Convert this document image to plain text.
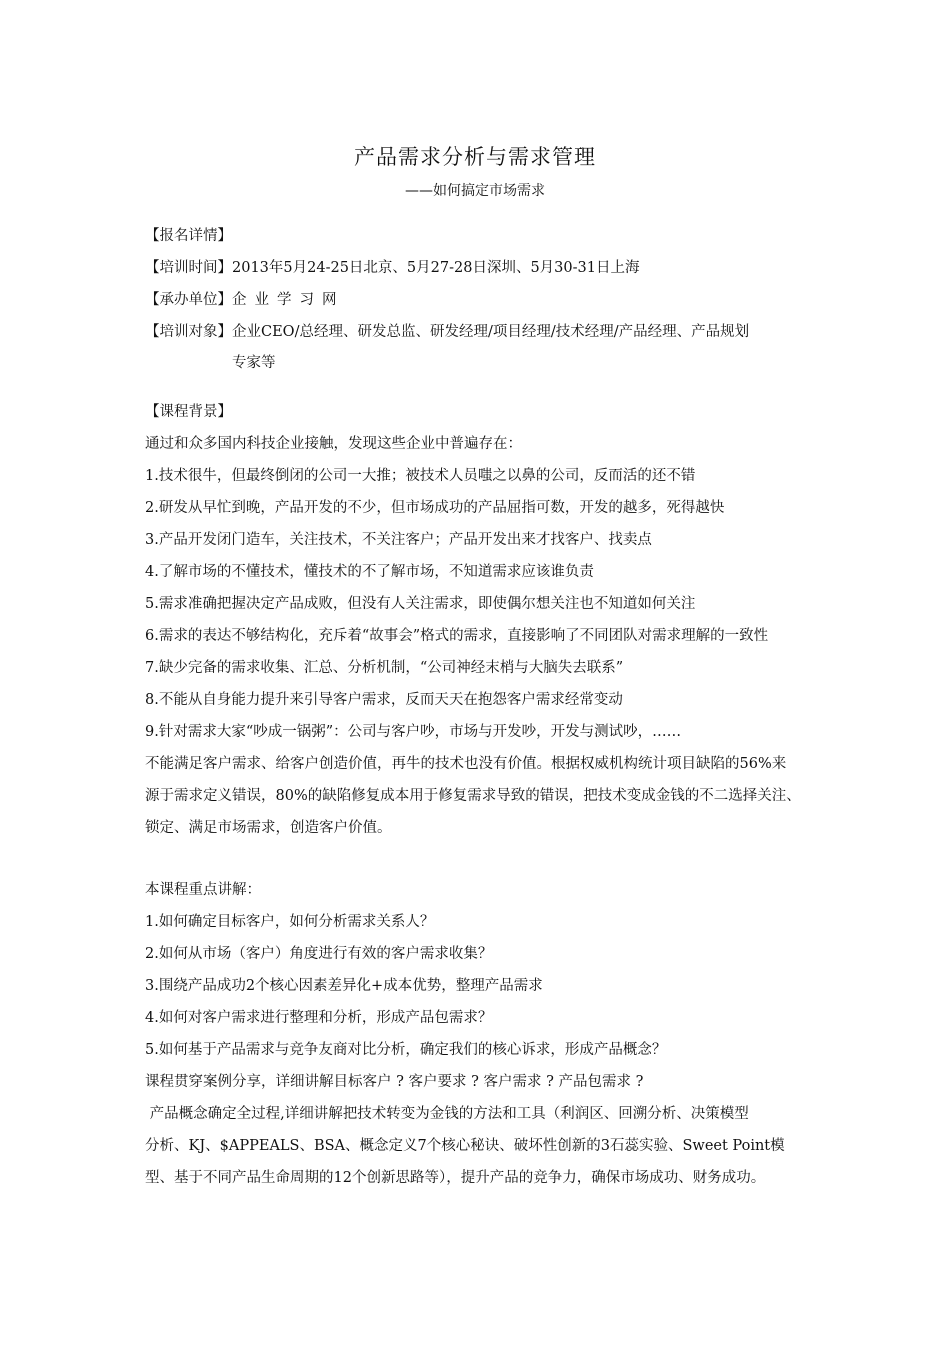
产品需求分析与需求管理
——如何搞定市场需求
【报名详情】
【培训时间】2013年5月24-25日北京、5月27-28日深圳、5月30-31日上海
【承办单位】企业学习网
【培训对象】企业CEO/总经理、研发总监、研发经理/项目经理/技术经理/产品经理、产品规划
专家等
【课程背景】
通过和众多国内科技企业接触，发现这些企业中普遍存在：
1.技术很牛，但最终倒闭的公司一大推；被技术人员嗤之以鼻的公司，反而活的还不错
2.研发从早忙到晚，产品开发的不少，但市场成功的产品屈指可数，开发的越多，死得越快
3.产品开发闭门造车，关注技术，不关注客户；产品开发出来才找客户、找卖点
4.了解市场的不懂技术，懂技术的不了解市场，不知道需求应该谁负责
5.需求准确把握决定产品成败，但没有人关注需求，即使偶尔想关注也不知道如何关注
6.需求的表达不够结构化，充斥着“故事会”格式的需求，直接影响了不同团队对需求理解的一致性
7.缺少完备的需求收集、汇总、分析机制，“公司神经末梢与大脑失去联系”
8.不能从自身能力提升来引导客户需求，反而天天在抱怨客户需求经常变动
9.针对需求大家“吵成一锅粥”：公司与客户吵，市场与开发吵，开发与测试吵，……
不能满足客户需求、给客户创造价值，再牛的技术也没有价值。根据权威机构统计项目缺陷的56%来
源于需求定义错误，80%的缺陷修复成本用于修复需求导致的错误，把技术变成金钱的不二选择关注、
锁定、满足市场需求，创造客户价值。
本课程重点讲解：
1.如何确定目标客户，如何分析需求关系人？
2.如何从市场（客户）角度进行有效的客户需求收集？
3.围绕产品成功2个核心因素差异化+成本优势，整理产品需求
4.如何对客户需求进行整理和分析，形成产品包需求？
5.如何基于产品需求与竞争友商对比分析，确定我们的核心诉求，形成产品概念？
课程贯穿案例分享，详细讲解目标客户 ? 客户要求 ? 客户需求 ? 产品包需求 ?
产品概念确定全过程,详细讲解把技术转变为金钱的方法和工具（利润区、回溯分析、决策模型
分析、KJ、$APPEALS、BSA、概念定义7个核心秘诀、破坏性创新的3石蕊实验、Sweet Point模
型、基于不同产品生命周期的12个创新思路等），提升产品的竞争力，确保市场成功、财务成功。
